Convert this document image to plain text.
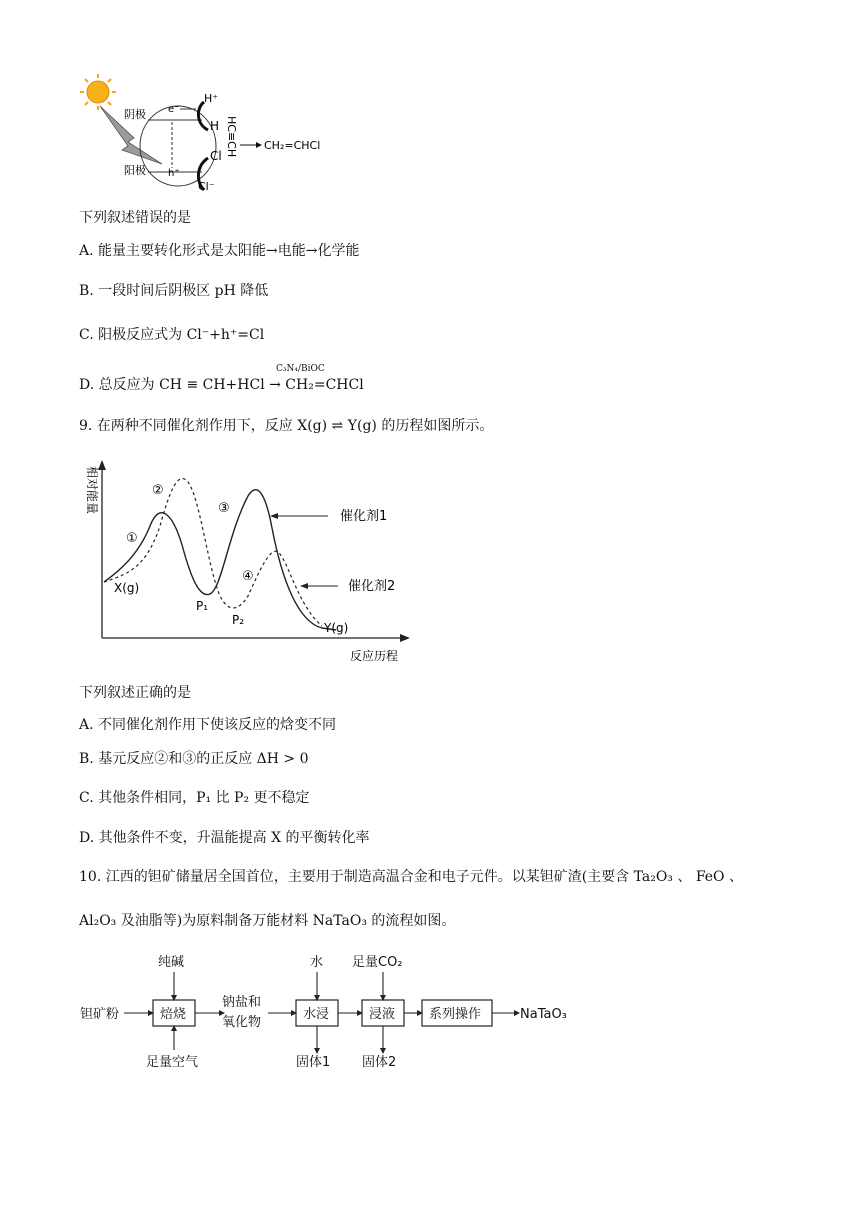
阴极
阳极
e⁻
h⁺
H⁺
H
Cl
Cl⁻
HC≡CH CH₂=CHCl
下列叙述错误的是
A. 能量主要转化形式是太阳能→电能→化学能
B. 一段时间后阴极区 pH 降低
C. 阳极反应式为 Cl⁻+h⁺=Cl
C₃N₄/BiOC
D. 总反应为 CH ≡ CH+HCl → CH₂=CHCl
9. 在两种不同催化剂作用下，反应 X(g) ⇌ Y(g) 的历程如图所示。
相对能量
反应历程
X(g)
①
②
③
④
P₁
P₂
Y(g)
催化剂1
催化剂2
下列叙述正确的是
A. 不同催化剂作用下使该反应的焓变不同
B. 基元反应②和③的正反应 ΔH > 0
C. 其他条件相同，P₁ 比 P₂ 更不稳定
D. 其他条件不变，升温能提高 X 的平衡转化率
10. 江西的钽矿储量居全国首位，主要用于制造高温合金和电子元件。以某钽矿渣(主要含 Ta₂O₃ 、 FeO 、
Al₂O₃ 及油脂等)为原料制备万能材料 NaTaO₃ 的流程如图。
钽矿粉	焙烧
纯碱
足量空气
钠盐和
氧化物
水浸
水
固体1
浸液
足量CO₂
固体2
系列操作	NaTaO₃
